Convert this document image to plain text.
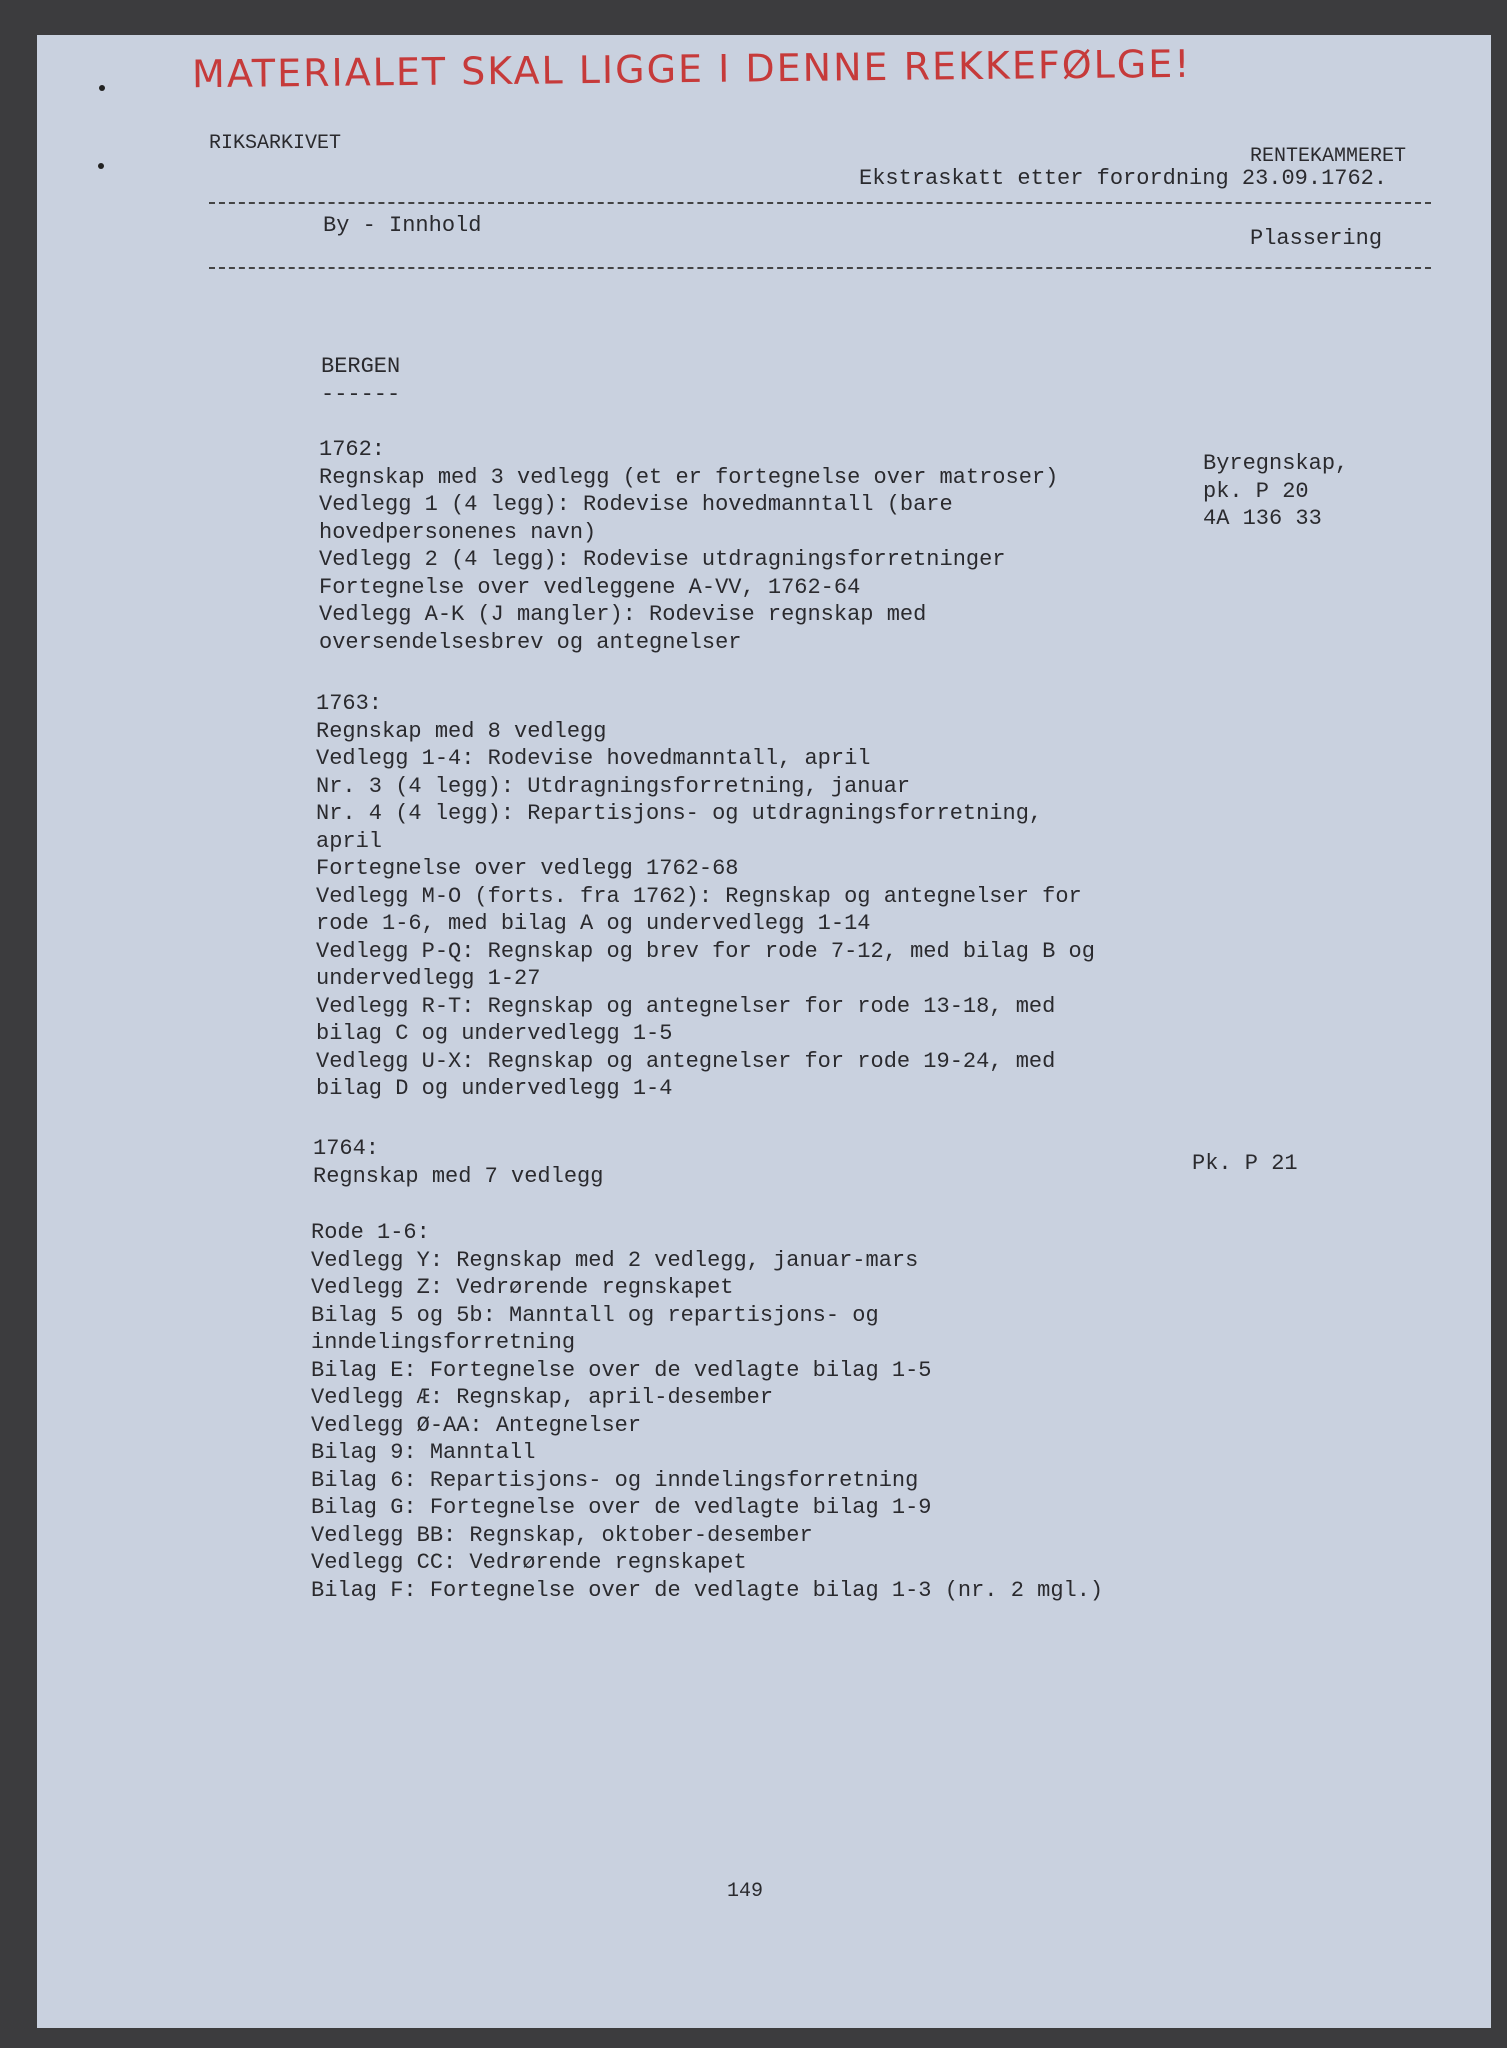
MATERIALET SKAL LIGGE I DENNE REKKEFØLGE!
RIKSARKIVET
RENTEKAMMERET
Ekstraskatt etter forordning 23.09.1762.
By - Innhold
Plassering
BERGEN
------
1762:
Regnskap med 3 vedlegg (et er fortegnelse over matroser)
Vedlegg 1 (4 legg): Rodevise hovedmanntall (bare
hovedpersonenes navn)
Vedlegg 2 (4 legg): Rodevise utdragningsforretninger
Fortegnelse over vedleggene A-VV, 1762-64
Vedlegg A-K (J mangler): Rodevise regnskap med
oversendelsesbrev og antegnelser
Byregnskap,
pk. P 20
4A 136 33
1763:
Regnskap med 8 vedlegg
Vedlegg 1-4: Rodevise hovedmanntall, april
Nr. 3 (4 legg): Utdragningsforretning, januar
Nr. 4 (4 legg): Repartisjons- og utdragningsforretning,
april
Fortegnelse over vedlegg 1762-68
Vedlegg M-O (forts. fra 1762): Regnskap og antegnelser for
rode 1-6, med bilag A og undervedlegg 1-14
Vedlegg P-Q: Regnskap og brev for rode 7-12, med bilag B og
undervedlegg 1-27
Vedlegg R-T: Regnskap og antegnelser for rode 13-18, med
bilag C og undervedlegg 1-5
Vedlegg U-X: Regnskap og antegnelser for rode 19-24, med
bilag D og undervedlegg 1-4
1764:
Regnskap med 7 vedlegg	Pk. P 21
Rode 1-6:
Vedlegg Y: Regnskap med 2 vedlegg, januar-mars
Vedlegg Z: Vedrørende regnskapet
Bilag 5 og 5b: Manntall og repartisjons- og
inndelingsforretning
Bilag E: Fortegnelse over de vedlagte bilag 1-5
Vedlegg Æ: Regnskap, april-desember
Vedlegg Ø-AA: Antegnelser
Bilag 9: Manntall
Bilag 6: Repartisjons- og inndelingsforretning
Bilag G: Fortegnelse over de vedlagte bilag 1-9
Vedlegg BB: Regnskap, oktober-desember
Vedlegg CC: Vedrørende regnskapet
Bilag F: Fortegnelse over de vedlagte bilag 1-3 (nr. 2 mgl.)
149
